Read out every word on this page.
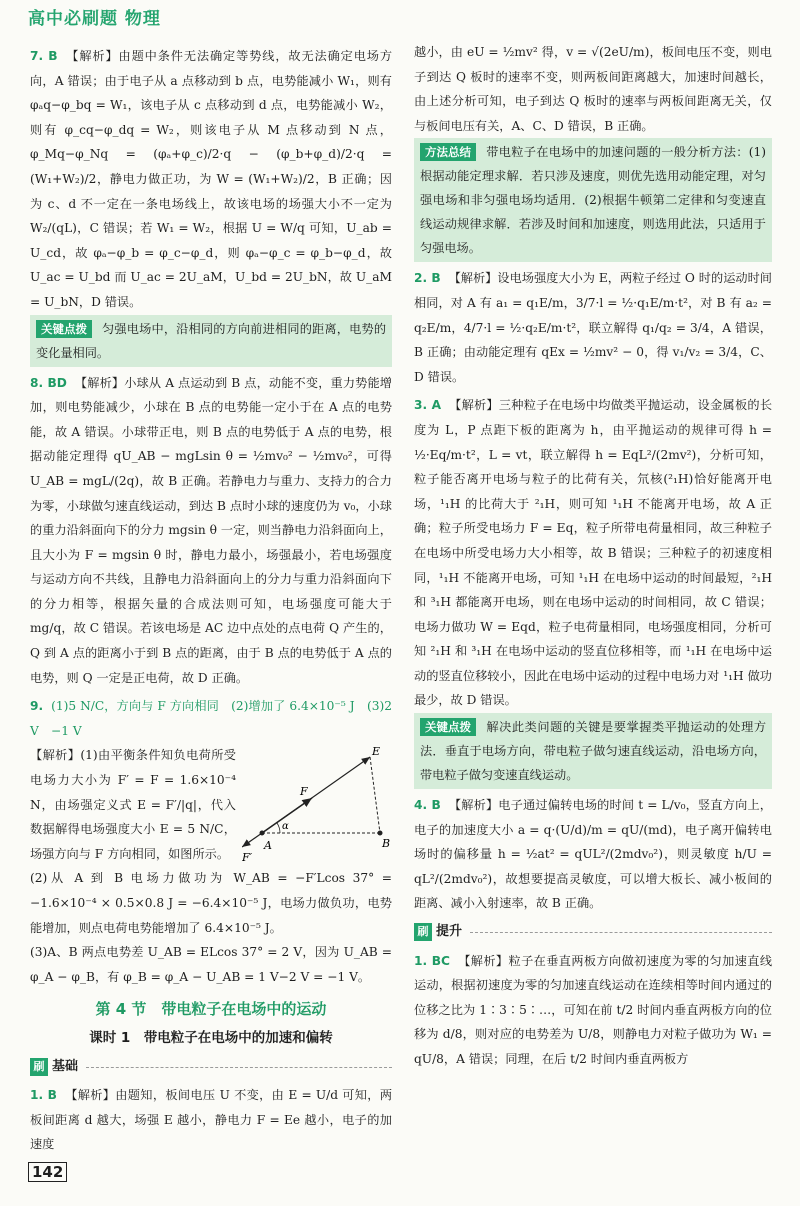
高中必刷题 物理

7. B 【解析】由题中条件无法确定等势线，故无法确定电场方向，A 错误；由于电子从 a 点移动到 b 点，电势能减小 W₁，则有 φₐq−φ_bq = W₁，该电子从 c 点移动到 d 点，电势能减小 W₂，则有 φ_cq−φ_dq = W₂，则该电子从 M 点移动到 N 点，φ_Mq−φ_Nq = (φₐ+φ_c)/2·q − (φ_b+φ_d)/2·q = (W₁+W₂)/2，静电力做正功，为 W = (W₁+W₂)/2，B 正确；因为 c、d 不一定在一条电场线上，故该电场的场强大小不一定为 W₂/(qL)，C 错误；若 W₁ = W₂，根据 U = W/q 可知，U_ab = U_cd，故 φₐ−φ_b = φ_c−φ_d，则 φₐ−φ_c = φ_b−φ_d，故 U_ac = U_bd 而 U_ac = 2U_aM，U_bd = 2U_bN，故 U_aM = U_bN，D 错误。

关键点拨 匀强电场中，沿相同的方向前进相同的距离，电势的变化量相同。

8. BD 【解析】小球从 A 点运动到 B 点，动能不变，重力势能增加，则电势能减少，小球在 B 点的电势能一定小于在 A 点的电势能，故 A 错误。小球带正电，则 B 点的电势低于 A 点的电势，根据动能定理得 qU_AB − mgLsin θ = ½mv₀² − ½mv₀²，可得 U_AB = mgL/(2q)，故 B 正确。若静电力与重力、支持力的合力为零，小球做匀速直线运动，到达 B 点时小球的速度仍为 v₀，小球的重力沿斜面向下的分力 mgsin θ 一定，则当静电力沿斜面向上，且大小为 F = mgsin θ 时，静电力最小，场强最小，若电场强度与运动方向不共线，且静电力沿斜面向上的分力与重力沿斜面向下的分力相等，根据矢量的合成法则可知，电场强度可能大于 mg/q，故 C 错误。若该电场是 AC 边中点处的点电荷 Q 产生的，Q 到 A 点的距离小于到 B 点的距离，由于 B 点的电势低于 A 点的电势，则 Q 一定是正电荷，故 D 正确。

9. (1)5 N/C，方向与 F 方向相同　(2)增加了 6.4×10⁻⁵ J　(3)2 V　−1 V

E
F
A	B
F′
α

【解析】(1)由平衡条件知负电荷所受电场力大小为 F′ = F = 1.6×10⁻⁴ N，由场强定义式 E = F′/|q|，代入数据解得电场强度大小 E = 5 N/C，场强方向与 F 方向相同，如图所示。

(2)从 A 到 B 电场力做功为 W_AB = −F′Lcos 37° = −1.6×10⁻⁴ × 0.5×0.8 J = −6.4×10⁻⁵ J，电场力做负功，电势能增加，则点电荷电势能增加了 6.4×10⁻⁵ J。

(3)A、B 两点电势差 U_AB = ELcos 37° = 2 V，因为 U_AB = φ_A − φ_B，有 φ_B = φ_A − U_AB = 1 V−2 V = −1 V。

第 4 节　带电粒子在电场中的运动
课时 1　带电粒子在电场中的加速和偏转
刷 基础

1. B 【解析】由题知，板间电压 U 不变，由 E = U/d 可知，两板间距离 d 越大，场强 E 越小，静电力 F = Ee 越小，电子的加速度

越小，由 eU = ½mv² 得，v = √(2eU/m)，板间电压不变，则电子到达 Q 板时的速率不变，则两板间距离越大，加速时间越长，由上述分析可知，电子到达 Q 板时的速率与两板间距离无关，仅与板间电压有关，A、C、D 错误，B 正确。

方法总结 带电粒子在电场中的加速问题的一般分析方法：(1)根据动能定理求解．若只涉及速度，则优先选用动能定理，对匀强电场和非匀强电场均适用．(2)根据牛顿第二定律和匀变速直线运动规律求解．若涉及时间和加速度，则选用此法，只适用于匀强电场。

2. B 【解析】设电场强度大小为 E，两粒子经过 O 时的运动时间相同，对 A 有 a₁ = q₁E/m，3/7·l = ½·q₁E/m·t²，对 B 有 a₂ = q₂E/m，4/7·l = ½·q₂E/m·t²，联立解得 q₁/q₂ = 3/4，A 错误，B 正确；由动能定理有 qEx = ½mv² − 0，得 v₁/v₂ = 3/4，C、D 错误。

3. A 【解析】三种粒子在电场中均做类平抛运动，设金属板的长度为 L，P 点距下板的距离为 h，由平抛运动的规律可得 h = ½·Eq/m·t²，L = vt，联立解得 h = EqL²/(2mv²)，分析可知，粒子能否离开电场与粒子的比荷有关，氘核(²₁H)恰好能离开电场，¹₁H 的比荷大于 ²₁H，则可知 ¹₁H 不能离开电场，故 A 正确；粒子所受电场力 F = Eq，粒子所带电荷量相同，故三种粒子在电场中所受电场力大小相等，故 B 错误；三种粒子的初速度相同，¹₁H 不能离开电场，可知 ¹₁H 在电场中运动的时间最短，²₁H 和 ³₁H 都能离开电场，则在电场中运动的时间相同，故 C 错误；电场力做功 W = Eqd，粒子电荷量相同，电场强度相同，分析可知 ²₁H 和 ³₁H 在电场中运动的竖直位移相等，而 ¹₁H 在电场中运动的竖直位移较小，因此在电场中运动的过程中电场力对 ¹₁H 做功最少，故 D 错误。

关键点拨 解决此类问题的关键是要掌握类平抛运动的处理方法．垂直于电场方向，带电粒子做匀速直线运动，沿电场方向，带电粒子做匀变速直线运动。

4. B 【解析】电子通过偏转电场的时间 t = L/v₀，竖直方向上，电子的加速度大小 a = q·(U/d)/m = qU/(md)，电子离开偏转电场时的偏移量 h = ½at² = qUL²/(2mdv₀²)，则灵敏度 h/U = qL²/(2mdv₀²)，故想要提高灵敏度，可以增大板长、减小板间的距离、减小入射速率，故 B 正确。

刷 提升

1. BC 【解析】粒子在垂直两板方向做初速度为零的匀加速直线运动，根据初速度为零的匀加速直线运动在连续相等时间内通过的位移之比为 1∶3∶5∶…，可知在前 t/2 时间内垂直两板方向的位移为 d/8，则对应的电势差为 U/8，则静电力对粒子做功为 W₁ = qU/8，A 错误；同理，在后 t/2 时间内垂直两板方

142
